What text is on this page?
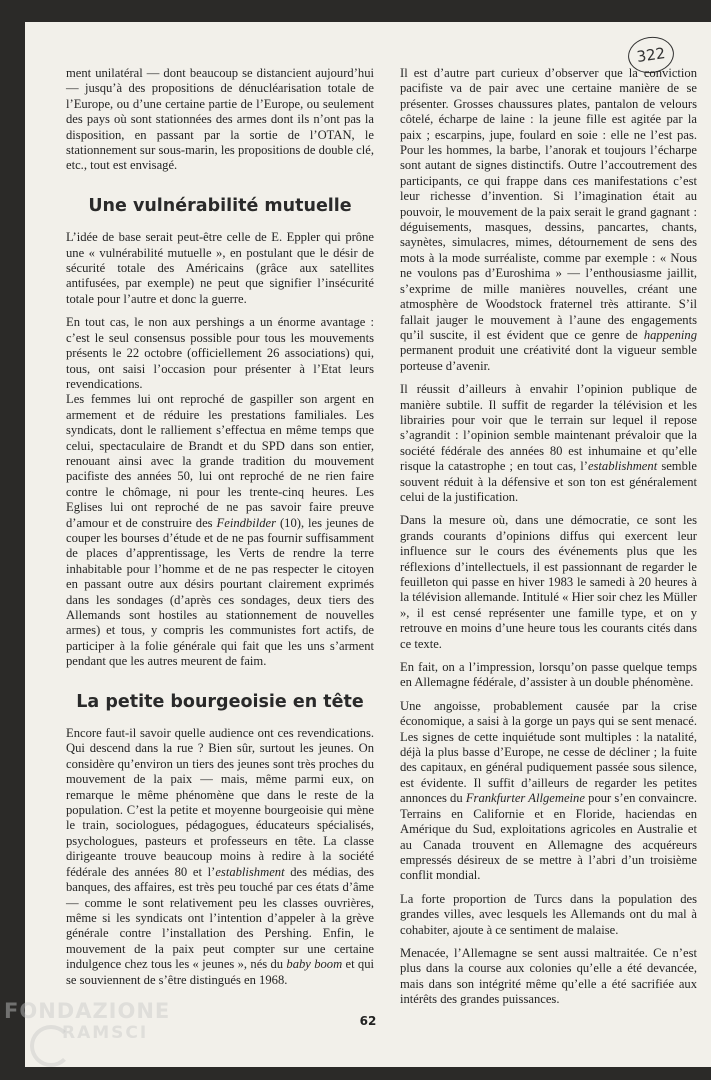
322

ment unilatéral — dont beaucoup se distancient aujourd’hui — jusqu’à des propositions de dénucléarisation totale de l’Europe, ou d’une certaine partie de l’Europe, ou seulement des pays où sont stationnées des armes dont ils n’ont pas la disposition, en passant par la sortie de l’OTAN, le stationnement sur sous-marin, les propositions de double clé, etc., tout est envisagé.

Une vulnérabilité mutuelle

L’idée de base serait peut-être celle de E. Eppler qui prône une « vulnérabilité mutuelle », en postulant que le désir de sécurité totale des Américains (grâce aux satellites antifusées, par exemple) ne peut que signifier l’insécurité totale pour l’autre et donc la guerre.

En tout cas, le non aux pershings a un énorme avantage : c’est le seul consensus possible pour tous les mouvements présents le 22 octobre (officiellement 26 associations) qui, tous, ont saisi l’occasion pour présenter à l’Etat leurs revendications.

Les femmes lui ont reproché de gaspiller son argent en armement et de réduire les prestations familiales. Les syndicats, dont le ralliement s’effectua en même temps que celui, spectaculaire de Brandt et du SPD dans son entier, renouant ainsi avec la grande tradition du mouvement pacifiste des années 50, lui ont reproché de ne rien faire contre le chômage, ni pour les trente-cinq heures. Les Eglises lui ont reproché de ne pas savoir faire preuve d’amour et de construire des Feindbilder (10), les jeunes de couper les bourses d’étude et de ne pas fournir suffisamment de places d’apprentissage, les Verts de rendre la terre inhabitable pour l’homme et de ne pas respecter le citoyen en passant outre aux désirs pourtant clairement exprimés dans les sondages (d’après ces sondages, deux tiers des Allemands sont hostiles au stationnement de nouvelles armes) et tous, y compris les communistes fort actifs, de participer à la folie générale qui fait que les uns s’arment pendant que les autres meurent de faim.

La petite bourgeoisie en tête

Encore faut-il savoir quelle audience ont ces revendications. Qui descend dans la rue ? Bien sûr, surtout les jeunes. On considère qu’environ un tiers des jeunes sont très proches du mouvement de la paix — mais, même parmi eux, on remarque le même phénomène que dans le reste de la population. C’est la petite et moyenne bourgeoisie qui mène le train, sociologues, pédagogues, éducateurs spécialisés, psychologues, pasteurs et professeurs en tête. La classe dirigeante trouve beaucoup moins à redire à la société fédérale des années 80 et l’establishment des médias, des banques, des affaires, est très peu touché par ces états d’âme — comme le sont relativement peu les classes ouvrières, même si les syndicats ont l’intention d’appeler à la grève générale contre l’installation des Pershing. Enfin, le mouvement de la paix peut compter sur une certaine indulgence chez tous les « jeunes », nés du baby boom et qui se souviennent de s’être distingués en 1968.

Il est d’autre part curieux d’observer que la conviction pacifiste va de pair avec une certaine manière de se présenter. Grosses chaussures plates, pantalon de velours côtelé, écharpe de laine : la jeune fille est agitée par la paix ; escarpins, jupe, foulard en soie : elle ne l’est pas. Pour les hommes, la barbe, l’anorak et toujours l’écharpe sont autant de signes distinctifs. Outre l’accoutrement des participants, ce qui frappe dans ces manifestations c’est leur richesse d’invention. Si l’imagination était au pouvoir, le mouvement de la paix serait le grand gagnant : déguisements, masques, dessins, pancartes, chants, saynètes, simulacres, mimes, détournement de sens des mots à la mode surréaliste, comme par exemple : « Nous ne voulons pas d’Euroshima » — l’enthousiasme jaillit, s’exprime de mille manières nouvelles, créant une atmosphère de Woodstock fraternel très attirante. S’il fallait jauger le mouvement à l’aune des engagements qu’il suscite, il est évident que ce genre de happening permanent produit une créativité dont la vigueur semble porteuse d’avenir.

Il réussit d’ailleurs à envahir l’opinion publique de manière subtile. Il suffit de regarder la télévision et les librairies pour voir que le terrain sur lequel il repose s’agrandit : l’opinion semble maintenant prévaloir que la société fédérale des années 80 est inhumaine et qu’elle risque la catastrophe ; en tout cas, l’establishment semble souvent réduit à la défensive et son ton est généralement celui de la justification.

Dans la mesure où, dans une démocratie, ce sont les grands courants d’opinions diffus qui exercent leur influence sur le cours des événements plus que les réflexions d’intellectuels, il est passionnant de regarder le feuilleton qui passe en hiver 1983 le samedi à 20 heures à la télévision allemande. Intitulé « Hier soir chez les Müller », il est censé représenter une famille type, et on y retrouve en moins d’une heure tous les courants cités dans ce texte.

En fait, on a l’impression, lorsqu’on passe quelque temps en Allemagne fédérale, d’assister à un double phénomène.

Une angoisse, probablement causée par la crise économique, a saisi à la gorge un pays qui se sent menacé. Les signes de cette inquiétude sont multiples : la natalité, déjà la plus basse d’Europe, ne cesse de décliner ; la fuite des capitaux, en général pudiquement passée sous silence, est évidente. Il suffit d’ailleurs de regarder les petites annonces du Frankfurter Allgemeine pour s’en convaincre. Terrains en Californie et en Floride, haciendas en Amérique du Sud, exploitations agricoles en Australie et au Canada trouvent en Allemagne des acquéreurs empressés désireux de se mettre à l’abri d’un troisième conflit mondial.

La forte proportion de Turcs dans la population des grandes villes, avec lesquels les Allemands ont du mal à cohabiter, ajoute à ce sentiment de malaise.

Menacée, l’Allemagne se sent aussi maltraitée. Ce n’est plus dans la course aux colonies qu’elle a été devancée, mais dans son intégrité même qu’elle a été sacrifiée aux intérêts des grandes puissances.

62
FONDAZIONE
RAMSCI
